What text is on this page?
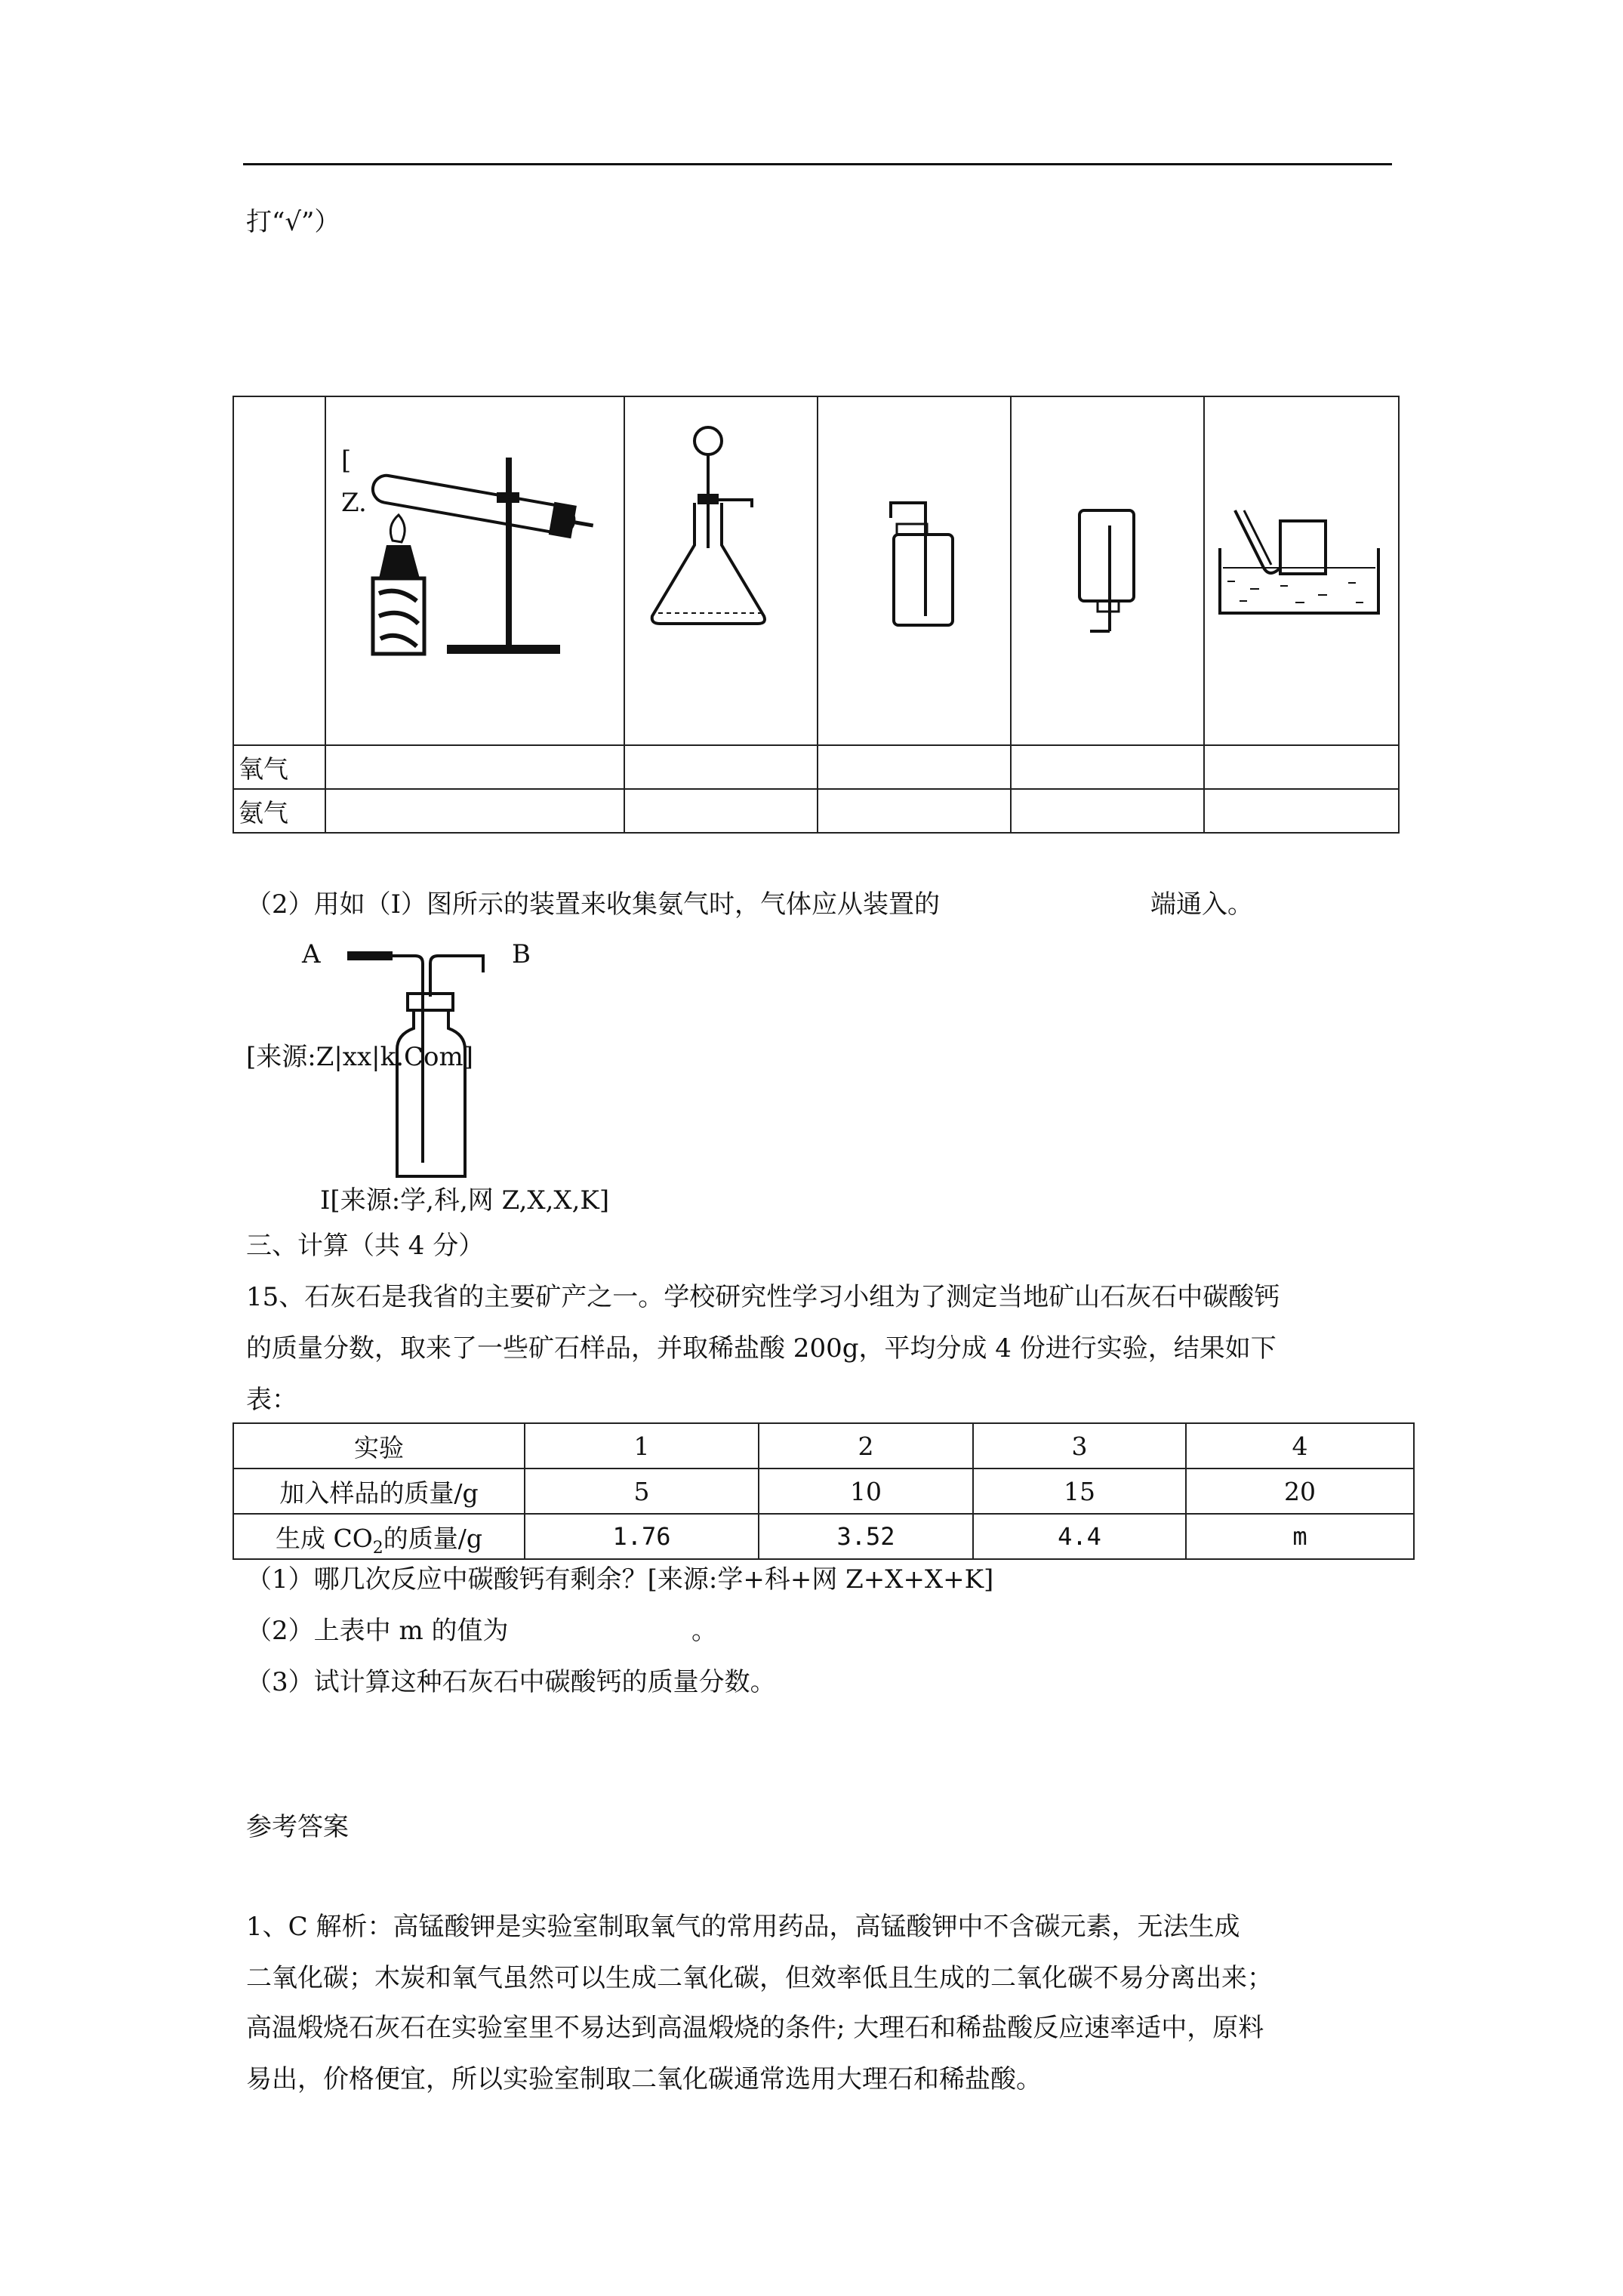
打“√”）

	[
Z.

氧气					
氨气					
（2）用如（I）图所示的装置来收集氨气时，气体应从装置的	端通入。
A	B
[来源:Z|xx|k.Com]
I[来源:学,科,网 Z,X,X,K]
三、计算（共 4 分）
15、石灰石是我省的主要矿产之一。学校研究性学习小组为了测定当地矿山石灰石中碳酸钙
的质量分数，取来了一些矿石样品，并取稀盐酸 200g，平均分成 4 份进行实验，结果如下
表：
实验	1	2	3	4
加入样品的质量/g	5	10	15	20
生成 $CO_2$的质量/g	1.76	3.52	4.4	m
（1）哪几次反应中碳酸钙有剩余？[来源:学+科+网 Z+X+X+K]
（2）上表中 m 的值为	。
（3）试计算这种石灰石中碳酸钙的质量分数。
参考答案
1、C 解析：高锰酸钾是实验室制取氧气的常用药品，高锰酸钾中不含碳元素，无法生成
二氧化碳；木炭和氧气虽然可以生成二氧化碳，但效率低且生成的二氧化碳不易分离出来；
高温煅烧石灰石在实验室里不易达到高温煅烧的条件; 大理石和稀盐酸反应速率适中，原料
易出，价格便宜，所以实验室制取二氧化碳通常选用大理石和稀盐酸。
